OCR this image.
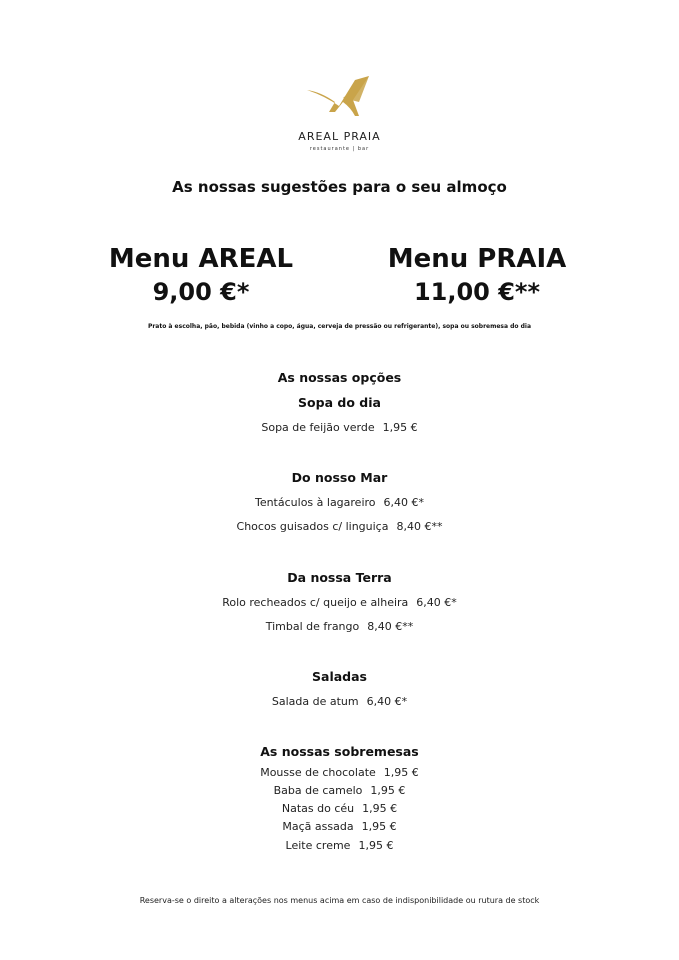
AREAL PRAIA
restaurante | bar
As nossas sugestões para o seu almoço
Menu AREAL
9,00 €*
Menu PRAIA
11,00 €**
Prato à escolha, pão, bebida (vinho a copo, água, cerveja de pressão ou refrigerante), sopa ou sobremesa do dia
As nossas opções
Sopa do dia
Sopa de feijão verde 1,95 €
Do nosso Mar
Tentáculos à lagareiro 6,40 €*
Chocos guisados c/ linguiça 8,40 €**
Da nossa Terra
Rolo recheados c/ queijo e alheira 6,40 €*
Timbal de frango 8,40 €**
Saladas
Salada de atum 6,40 €*
As nossas sobremesas
Mousse de chocolate 1,95 €
Baba de camelo 1,95 €
Natas do céu 1,95 €
Maçã assada 1,95 €
Leite creme 1,95 €
Reserva-se o direito a alterações nos menus acima em caso de indisponibilidade ou rutura de stock
